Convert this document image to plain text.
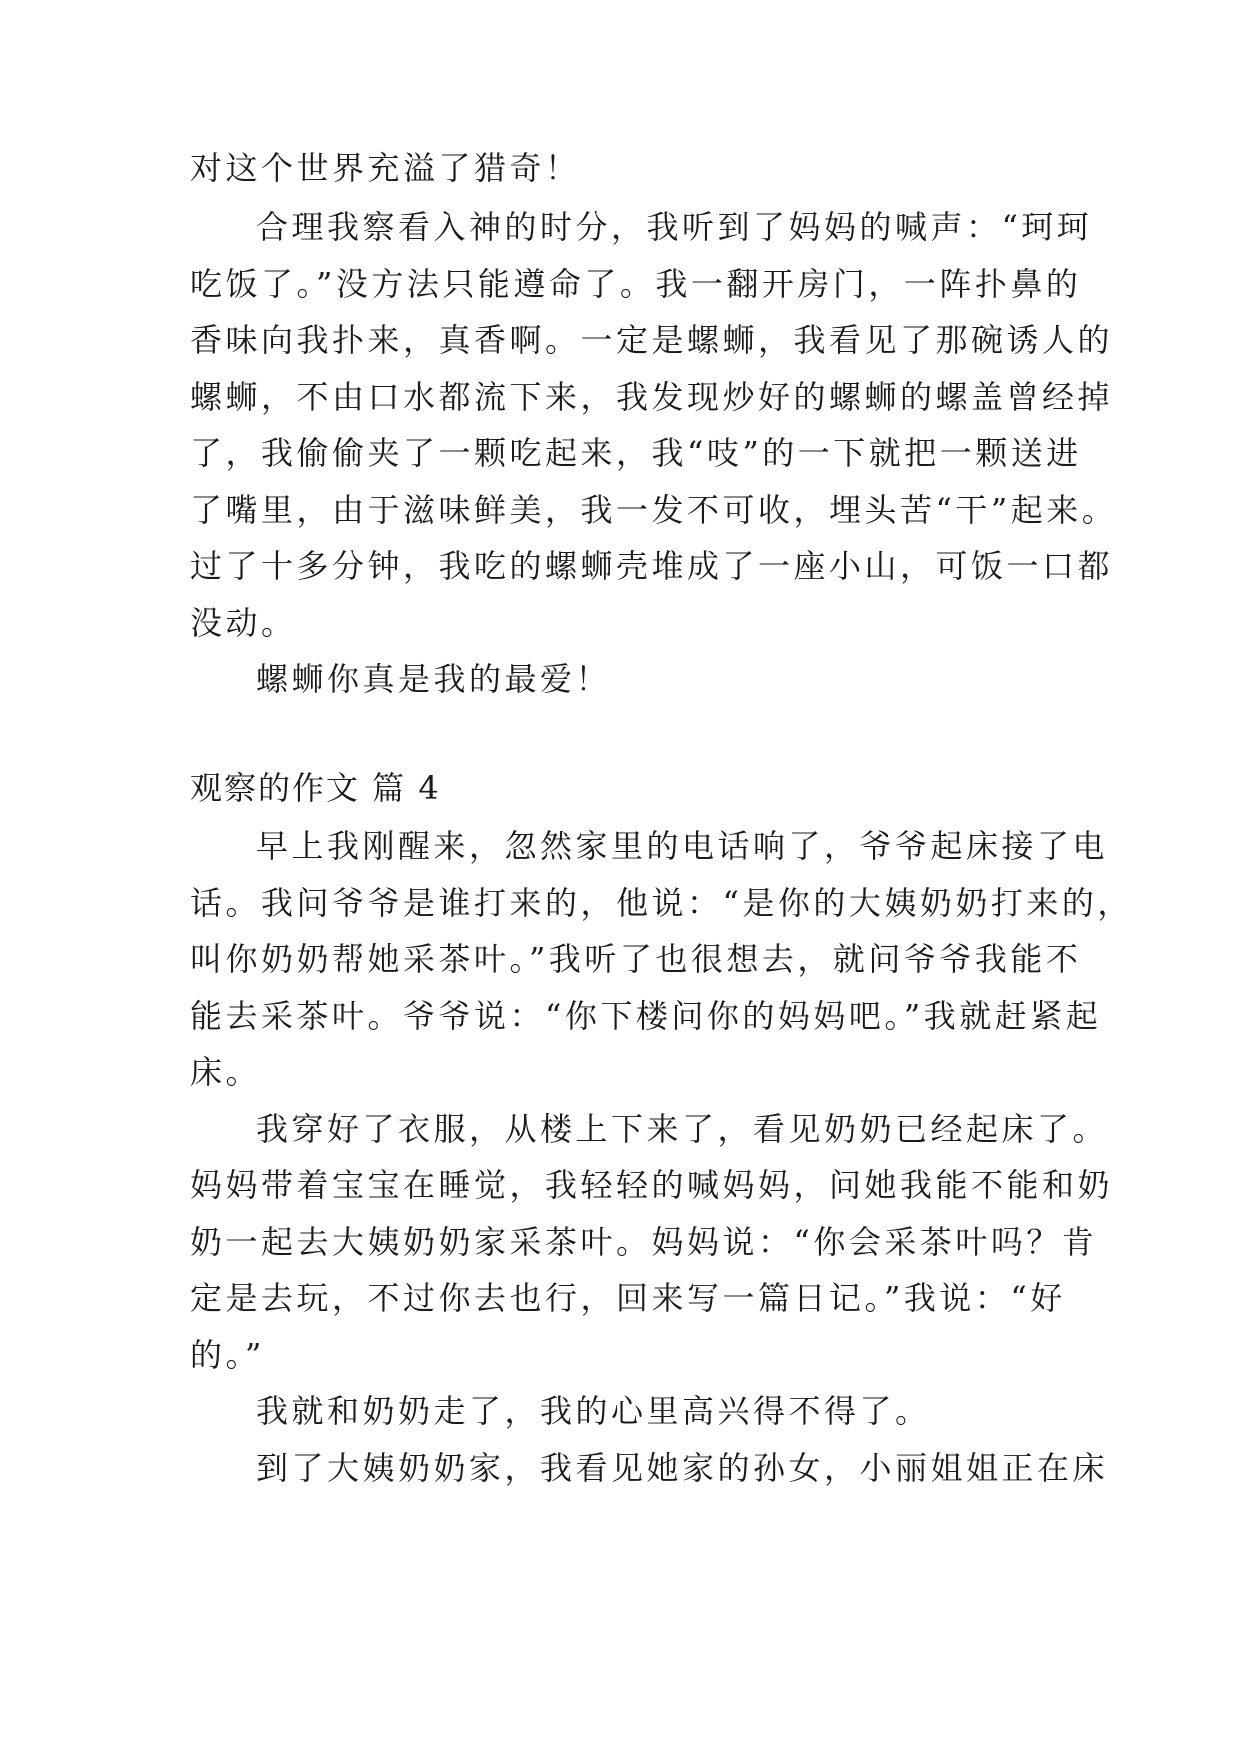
对这个世界充溢了猎奇！
合理我察看入神的时分，我听到了妈妈的喊声：“珂珂
吃饭了。”没方法只能遵命了。我一翻开房门，一阵扑鼻的
香味向我扑来，真香啊。一定是螺蛳，我看见了那碗诱人的
螺蛳，不由口水都流下来，我发现炒好的螺蛳的螺盖曾经掉
了，我偷偷夹了一颗吃起来，我“吱”的一下就把一颗送进
了嘴里，由于滋味鲜美，我一发不可收，埋头苦“干”起来。
过了十多分钟，我吃的螺蛳壳堆成了一座小山，可饭一口都
没动。
螺蛳你真是我的最爱！
观察的作文 篇 4
早上我刚醒来，忽然家里的电话响了，爷爷起床接了电
话。我问爷爷是谁打来的，他说：“是你的大姨奶奶打来的，
叫你奶奶帮她采茶叶。”我听了也很想去，就问爷爷我能不
能去采茶叶。爷爷说：“你下楼问你的妈妈吧。”我就赶紧起
床。
我穿好了衣服，从楼上下来了，看见奶奶已经起床了。
妈妈带着宝宝在睡觉，我轻轻的喊妈妈，问她我能不能和奶
奶一起去大姨奶奶家采茶叶。妈妈说：“你会采茶叶吗？肯
定是去玩，不过你去也行，回来写一篇日记。”我说：“好
的。”
我就和奶奶走了，我的心里高兴得不得了。
到了大姨奶奶家，我看见她家的孙女，小丽姐姐正在床
